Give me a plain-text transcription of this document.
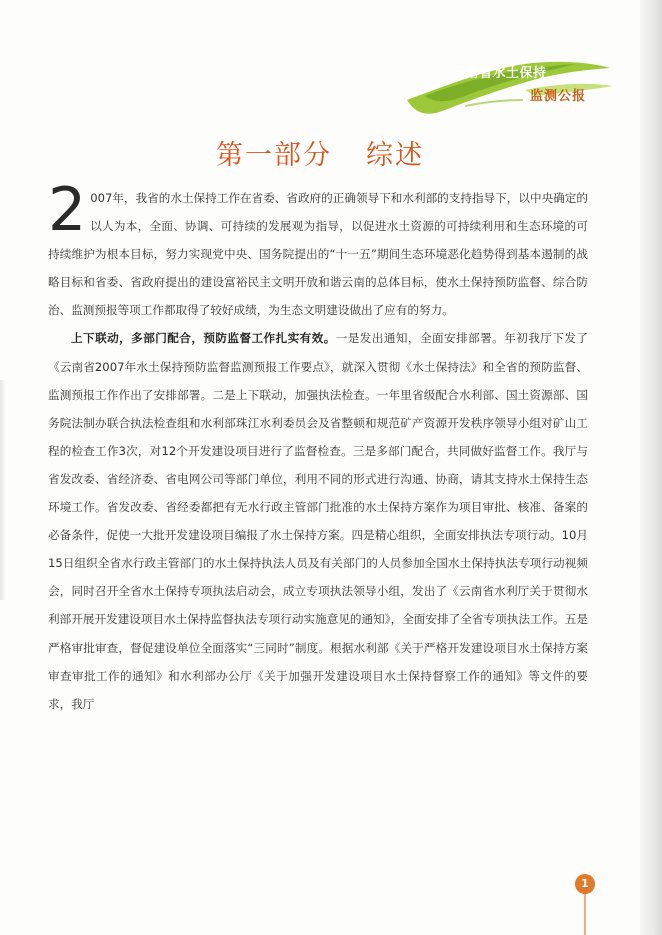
云南省水土保持
监测公报
第一部分 综述

2 007年，我省的水土保持工作在省委、省政府的正确领导下和水利部的支持指导下，以中央确定的以人为本，全面、协调、可持续的发展观为指导，以促进水土资源的可持续利用和生态环境的可持续维护为根本目标，努力实现党中央、国务院提出的“十一五”期间生态环境恶化趋势得到基本遏制的战略目标和省委、省政府提出的建设富裕民主文明开放和谐云南的总体目标，使水土保持预防监督、综合防治、监测预报等项工作都取得了较好成绩，为生态文明建设做出了应有的努力。

上下联动，多部门配合，预防监督工作扎实有效。一是发出通知，全面安排部署。年初我厅下发了《云南省2007年水土保持预防监督监测预报工作要点》，就深入贯彻《水土保持法》和全省的预防监督、监测预报工作作出了安排部署。二是上下联动，加强执法检查。一年里省级配合水利部、国土资源部、国务院法制办联合执法检查组和水利部珠江水利委员会及省整顿和规范矿产资源开发秩序领导小组对矿山工程的检查工作3次，对12个开发建设项目进行了监督检查。三是多部门配合，共同做好监督工作。我厅与省发改委、省经济委、省电网公司等部门单位，利用不同的形式进行沟通、协商，请其支持水土保持生态环境工作。省发改委、省经委都把有无水行政主管部门批准的水土保持方案作为项目审批、核准、备案的必备条件，促使一大批开发建设项目编报了水土保持方案。四是精心组织，全面安排执法专项行动。10月15日组织全省水行政主管部门的水土保持执法人员及有关部门的人员参加全国水土保持执法专项行动视频会，同时召开全省水土保持专项执法启动会，成立专项执法领导小组，发出了《云南省水利厅关于贯彻水利部开展开发建设项目水土保持监督执法专项行动实施意见的通知》，全面安排了全省专项执法工作。五是严格审批审查，督促建设单位全面落实“三同时”制度。根据水利部《关于严格开发建设项目水土保持方案审查审批工作的通知》和水利部办公厅《关于加强开发建设项目水土保持督察工作的通知》等文件的要求，我厅

1
